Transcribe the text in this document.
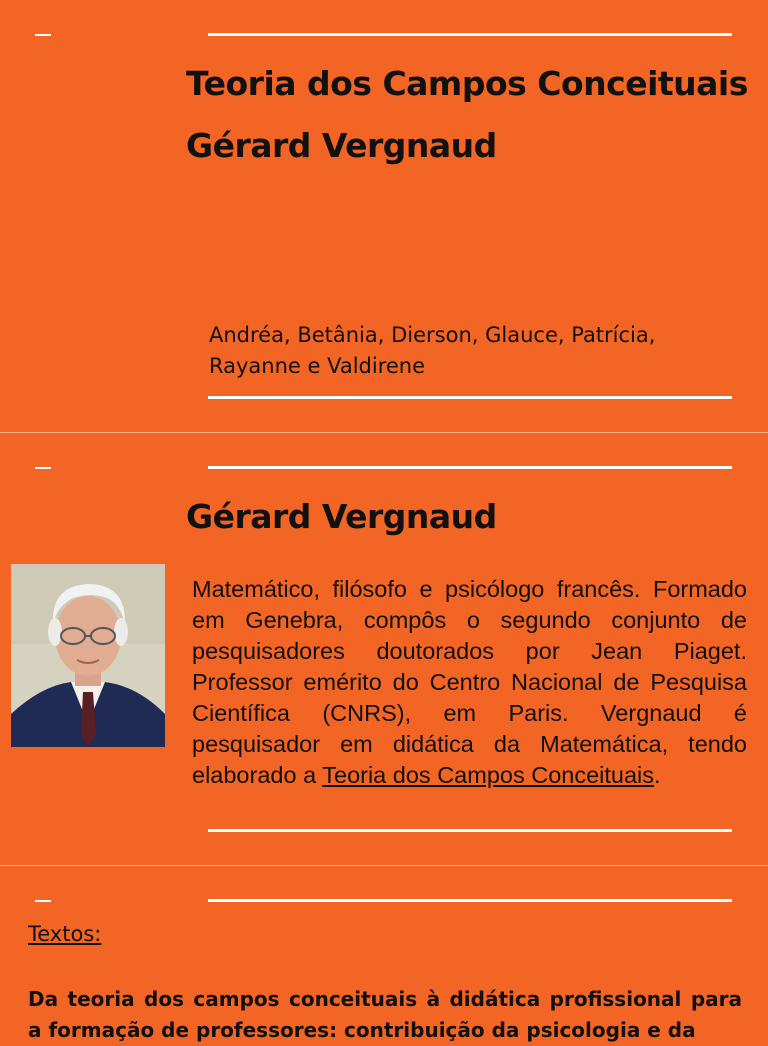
Teoria dos Campos Conceituais
Gérard Vergnaud
Andréa, Betânia, Dierson, Glauce, Patrícia, Rayanne e Valdirene
Gérard Vergnaud

Matemático, filósofo e psicólogo francês. Formado em Genebra, compôs o segundo conjunto de pesquisadores doutorados por Jean Piaget. Professor emérito do Centro Nacional de Pesquisa Científica (CNRS), em Paris. Vergnaud é pesquisador em didática da Matemática, tendo elaborado a Teoria dos Campos Conceituais.

Textos:
Da teoria dos campos conceituais à didática profissional para a formação de professores: contribuição da psicologia e da
